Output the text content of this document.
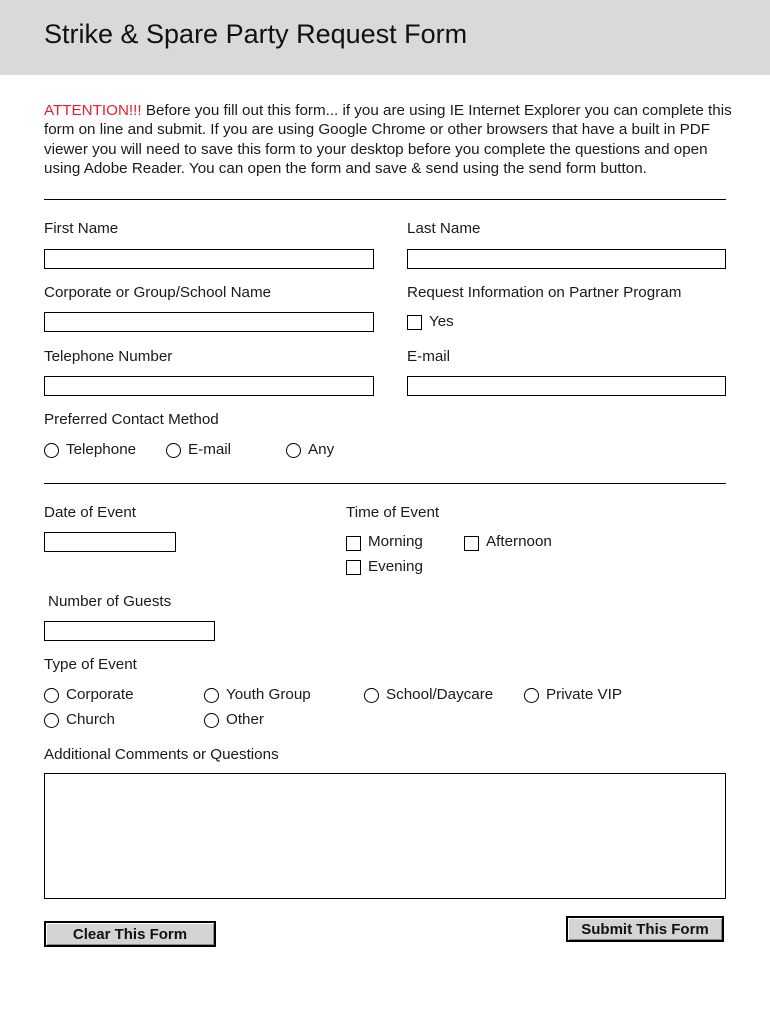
Strike & Spare Party Request Form
ATTENTION!!! Before you fill out this form... if you are using IE Internet Explorer you can complete this form on line and submit. If you are using Google Chrome or other browsers that have a built in PDF viewer you will need to save this form to your desktop before you complete the questions and open using Adobe Reader. You can open the form and save & send using the send form button.
First Name	Last Name
Corporate or Group/School Name	Request Information on Partner Program
Yes
Telephone Number	E-mail
Preferred Contact Method
Telephone	E-mail	Any
Date of Event	Time of Event
Morning	Afternoon
Evening
Number of Guests
Type of Event
Corporate	Youth Group	School/Daycare	Private VIP
Church	Other
Additional Comments or Questions
Clear This Form	Submit This Form
